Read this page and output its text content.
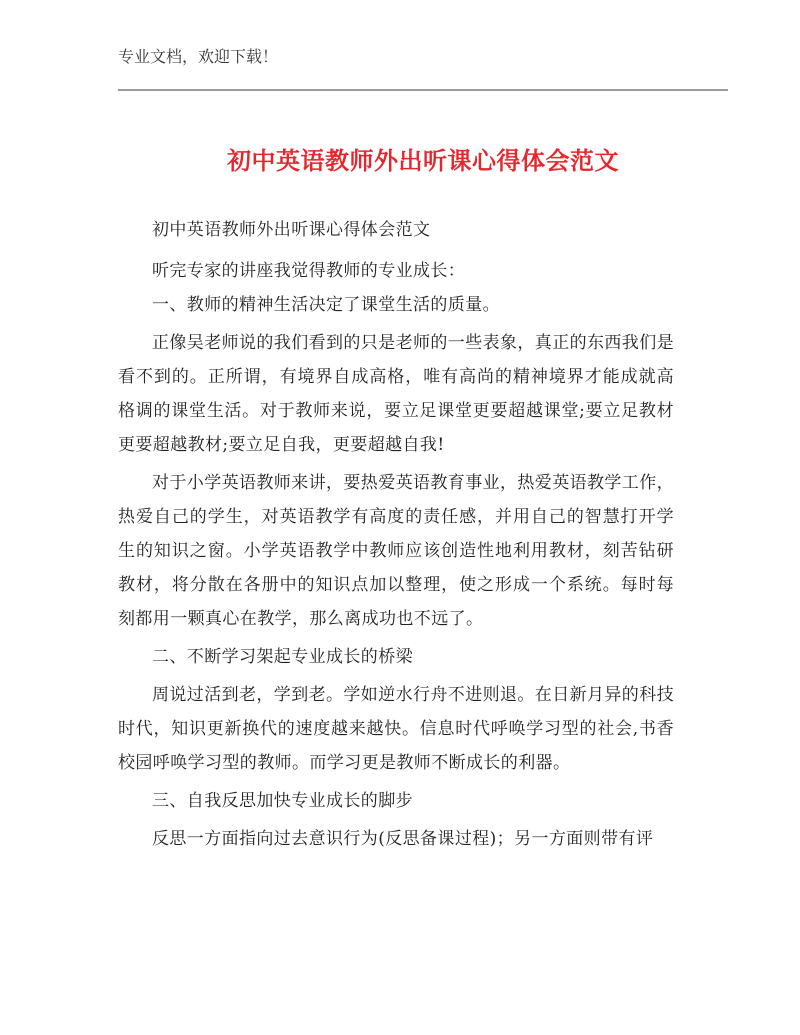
专业文档，欢迎下载！
初中英语教师外出听课心得体会范文

初中英语教师外出听课心得体会范文

听完专家的讲座我觉得教师的专业成长：

一、教师的精神生活决定了课堂生活的质量。

正像吴老师说的我们看到的只是老师的一些表象，真正的东西我们是看不到的。正所谓，有境界自成高格，唯有高尚的精神境界才能成就高格调的课堂生活。对于教师来说，要立足课堂更要超越课堂;要立足教材更要超越教材;要立足自我，更要超越自我!

对于小学英语教师来讲，要热爱英语教育事业，热爱英语教学工作，热爱自己的学生，对英语教学有高度的责任感，并用自己的智慧打开学生的知识之窗。小学英语教学中教师应该创造性地利用教材，刻苦钻研教材，将分散在各册中的知识点加以整理，使之形成一个系统。每时每刻都用一颗真心在教学，那么离成功也不远了。

二、不断学习架起专业成长的桥梁

周说过活到老，学到老。学如逆水行舟不进则退。在日新月异的科技时代，知识更新换代的速度越来越快。信息时代呼唤学习型的社会,书香校园呼唤学习型的教师。而学习更是教师不断成长的利器。

三、自我反思加快专业成长的脚步

反思一方面指向过去意识行为(反思备课过程)；另一方面则带有评
